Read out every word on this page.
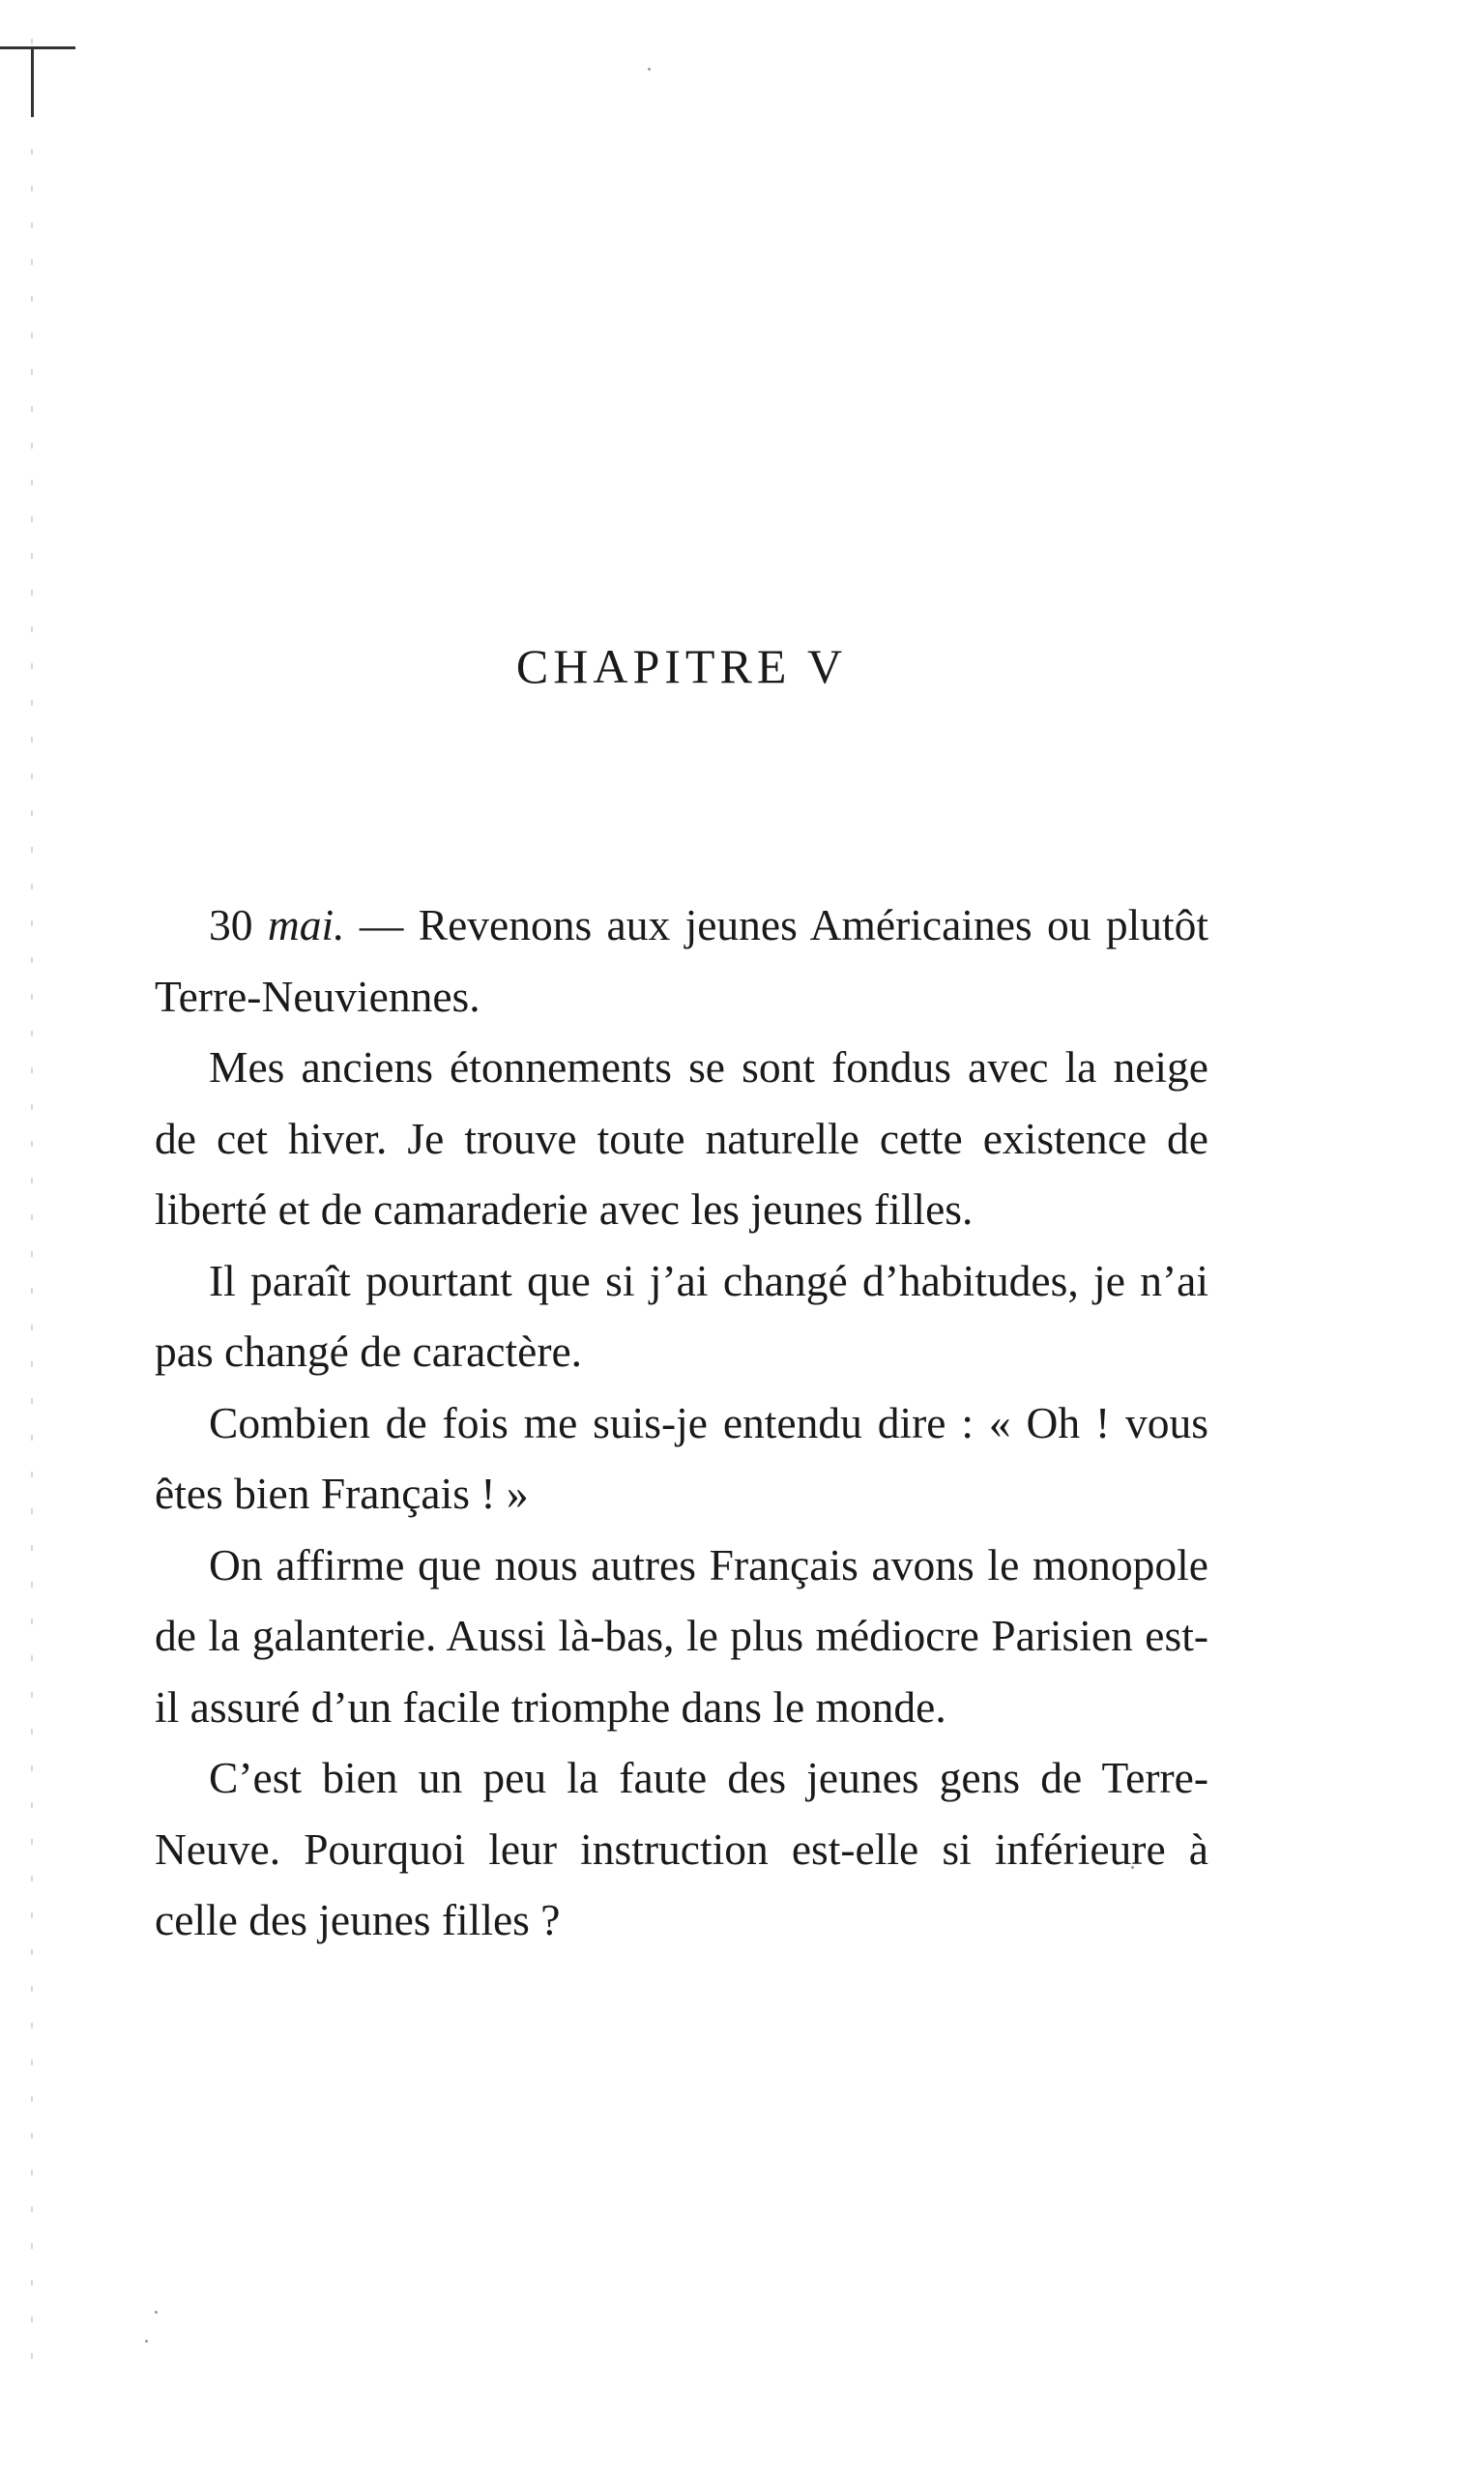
CHAPITRE V

30 mai. — Revenons aux jeunes Américaines ou plutôt Terre-Neuviennes.

Mes anciens étonnements se sont fondus avec la neige de cet hiver. Je trouve toute naturelle cette existence de liberté et de camaraderie avec les jeunes filles.

Il paraît pourtant que si j’ai changé d’habitudes, je n’ai pas changé de caractère.

Combien de fois me suis-je entendu dire : « Oh ! vous êtes bien Français ! »

On affirme que nous autres Français avons le monopole de la galanterie. Aussi là-bas, le plus médiocre Parisien est-il assuré d’un facile triomphe dans le monde.

C’est bien un peu la faute des jeunes gens de Terre-Neuve. Pourquoi leur instruction est-elle si inférieure à celle des jeunes filles ?
